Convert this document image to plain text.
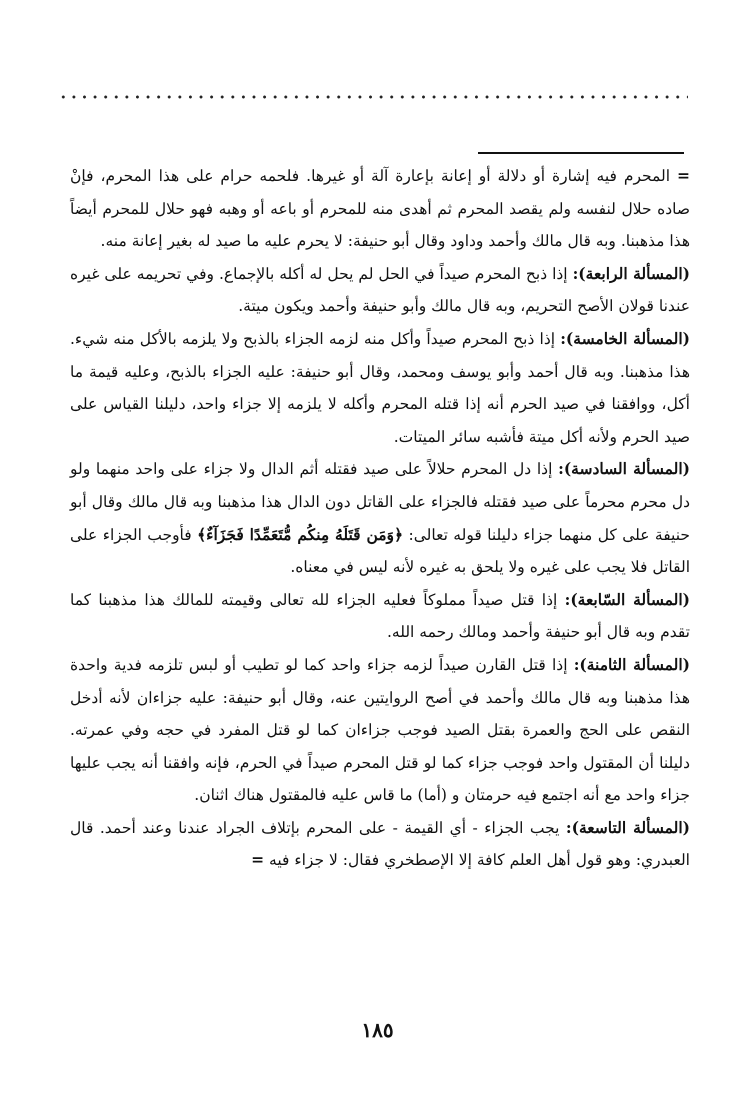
= المحرم فيه إشارة أو دلالة أو إعانة بإعارة آلة أو غيرها. فلحمه حرام على هذا المحرم، فإنْ صاده حلال لنفسه ولم يقصد المحرم ثم أهدى منه للمحرم أو باعه أو وهبه فهو حلال للمحرم أيضاً هذا مذهبنا. وبه قال مالك وأحمد وداود وقال أبو حنيفة: لا يحرم عليه ما صيد له بغير إعانة منه.

(المسألة الرابعة): إذا ذبح المحرم صيداً في الحل لم يحل له أكله بالإجماع. وفي تحريمه على غيره عندنا قولان الأصح التحريم، وبه قال مالك وأبو حنيفة وأحمد ويكون ميتة.

(المسألة الخامسة): إذا ذبح المحرم صيداً وأكل منه لزمه الجزاء بالذبح ولا يلزمه بالأكل منه شيء. هذا مذهبنا. وبه قال أحمد وأبو يوسف ومحمد، وقال أبو حنيفة: عليه الجزاء بالذبح، وعليه قيمة ما أكل، ووافقنا في صيد الحرم أنه إذا قتله المحرم وأكله لا يلزمه إلا جزاء واحد، دليلنا القياس على صيد الحرم ولأنه أكل ميتة فأشبه سائر الميتات.

(المسألة السادسة): إذا دل المحرم حلالاً على صيد فقتله أثم الدال ولا جزاء على واحد منهما ولو دل محرم محرماً على صيد فقتله فالجزاء على القاتل دون الدال هذا مذهبنا وبه قال مالك وقال أبو حنيفة على كل منهما جزاء دليلنا قوله تعالى: ﴿وَمَن قَتَلَهُ مِنكُم مُّتَعَمِّدًا فَجَزَآءٌ﴾ فأوجب الجزاء على القاتل فلا يجب على غيره ولا يلحق به غيره لأنه ليس في معناه.

(المسألة السّابعة): إذا قتل صيداً مملوكاً فعليه الجزاء لله تعالى وقيمته للمالك هذا مذهبنا كما تقدم وبه قال أبو حنيفة وأحمد ومالك رحمه الله.

(المسألة الثامنة): إذا قتل القارن صيداً لزمه جزاء واحد كما لو تطيب أو لبس تلزمه فدية واحدة هذا مذهبنا وبه قال مالك وأحمد في أصح الروايتين عنه، وقال أبو حنيفة: عليه جزاءان لأنه أدخل النقص على الحج والعمرة بقتل الصيد فوجب جزاءان كما لو قتل المفرد في حجه وفي عمرته. دليلنا أن المقتول واحد فوجب جزاء كما لو قتل المحرم صيداً في الحرم، فإنه وافقنا أنه يجب عليها جزاء واحد مع أنه اجتمع فيه حرمتان و (أما) ما قاس عليه فالمقتول هناك اثنان.

(المسألة التاسعة): يجب الجزاء - أي القيمة - على المحرم بإتلاف الجراد عندنا وعند أحمد. قال العبدري: وهو قول أهل العلم كافة إلا الإصطخري فقال: لا جزاء فيه =

١٨٥
